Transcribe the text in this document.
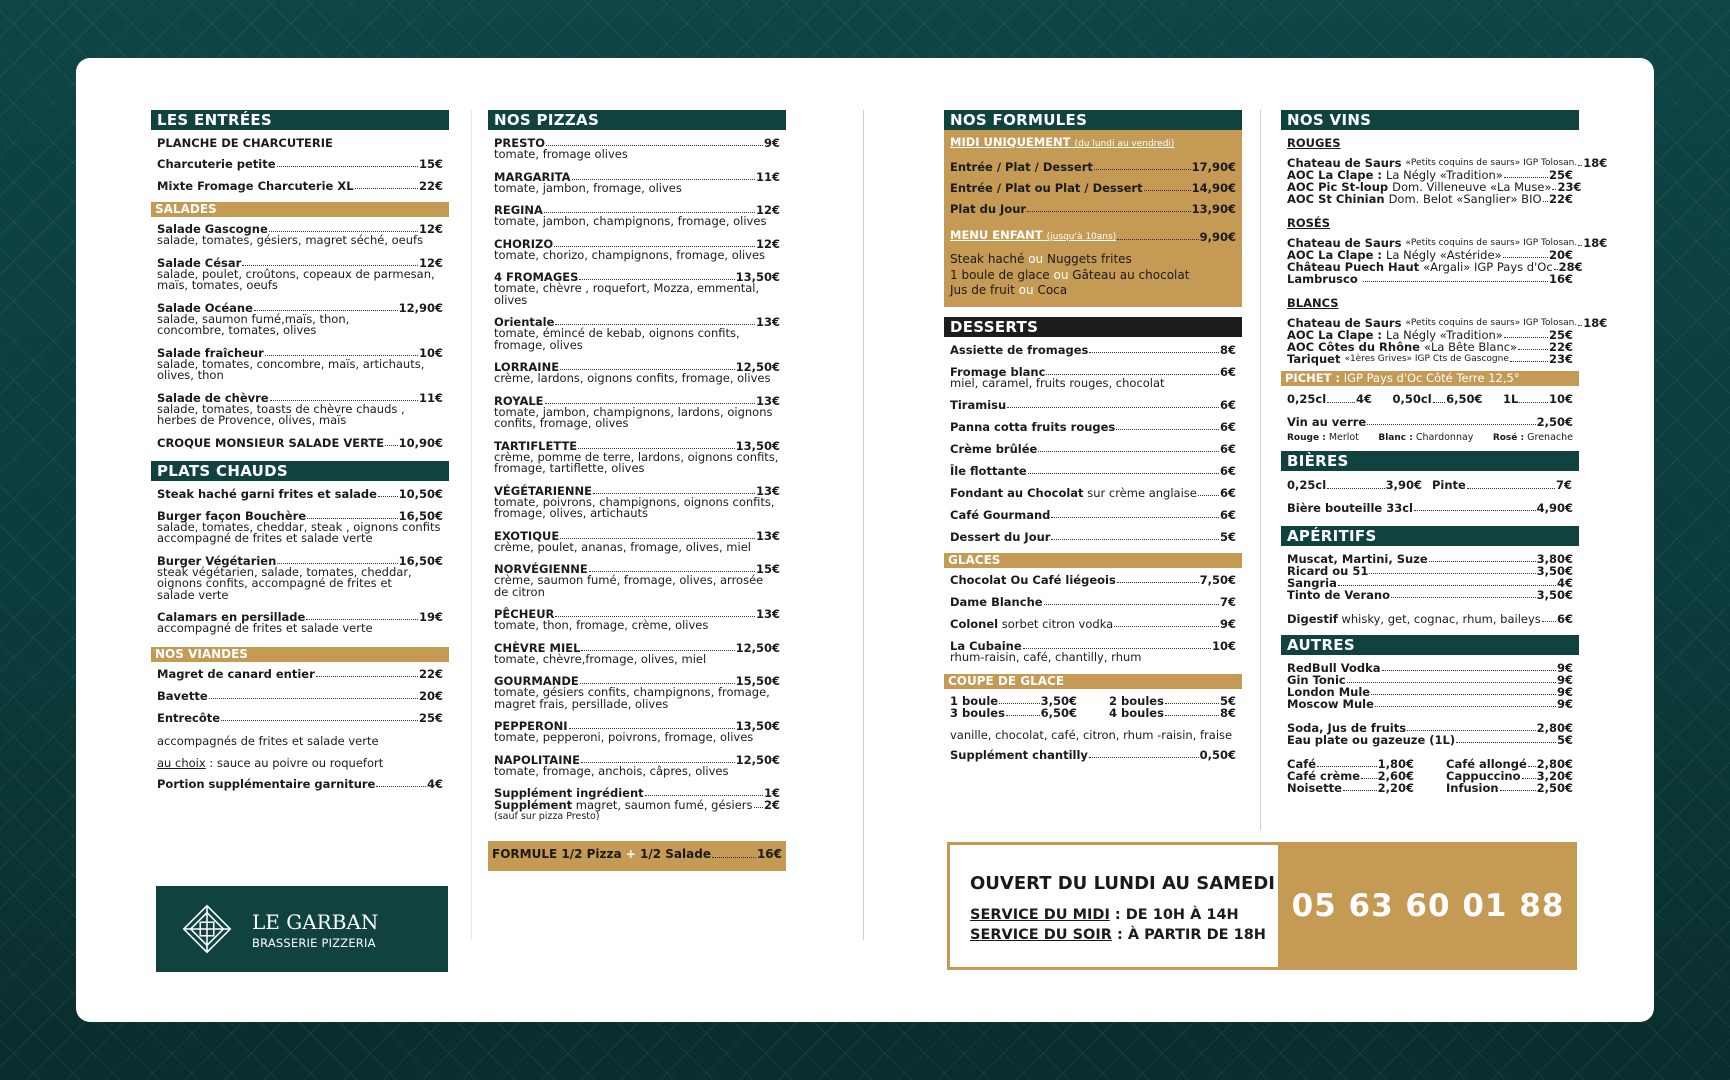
LES ENTRÉES
PLANCHE DE CHARCUTERIE
Charcuterie petite	15€
Mixte Fromage Charcuterie XL	22€
SALADES
Salade Gascogne	12€
salade, tomates, gésiers, magret séché, oeufs
Salade César	12€
salade, poulet, croûtons, copeaux de parmesan, maïs, tomates, oeufs
Salade Océane	12,90€
salade, saumon fumé,maïs, thon, concombre, tomates, olives
Salade fraîcheur	10€
salade, tomates, concombre, maïs, artichauts, olives, thon
Salade de chèvre	11€
salade, tomates, toasts de chèvre chauds , herbes de Provence, olives, maïs
CROQUE MONSIEUR SALADE VERTE 10,90€
PLATS CHAUDS
Steak haché garni frites et salade 10,50€
Burger façon Bouchère	16,50€
salade, tomates, cheddar, steak , oignons confits accompagné de frites et salade verte
Burger Végétarien	16,50€
steak végétarien, salade, tomates, cheddar, oignons confits, accompagné de frites et salade verte
Calamars en persillade	19€
accompagné de frites et salade verte
NOS VIANDES
Magret de canard entier	22€
Bavette	20€
Entrecôte	25€
accompagnés de frites et salade verte
au choix : sauce au poivre ou roquefort
Portion supplémentaire garniture	4€
LE GARBAN
BRASSERIE PIZZERIA
NOS PIZZAS
PRESTO	9€
tomate, fromage olives
MARGARITA	11€
tomate, jambon, fromage, olives
REGINA	12€
tomate, jambon, champignons, fromage, olives
CHORIZO	12€
tomate, chorizo, champignons, fromage, olives
4 FROMAGES	13,50€
tomate, chèvre , roquefort, Mozza, emmental, olives
Orientale	13€
tomate, émincé de kebab, oignons confits, fromage, olives
LORRAINE	12,50€
crème, lardons, oignons confits, fromage, olives
ROYALE	13€
tomate, jambon, champignons, lardons, oignons confits, fromage, olives
TARTIFLETTE	13,50€
crème, pomme de terre, lardons, oignons confits, fromage, tartiflette, olives
VÉGÉTARIENNE	13€
tomate, poivrons, champignons, oignons confits, fromage, olives, artichauts
EXOTIQUE	13€
crème, poulet, ananas, fromage, olives, miel
NORVÉGIENNE	15€
crème, saumon fumé, fromage, olives, arrosée de citron
PÊCHEUR	13€
tomate, thon, fromage, crème, olives
CHÈVRE MIEL	12,50€
tomate, chèvre,fromage, olives, miel
GOURMANDE	15,50€
tomate, gésiers confits, champignons, fromage, magret frais, persillade, olives
PEPPERONI	13,50€
tomate, pepperoni, poivrons, fromage, olives
NAPOLITAINE	12,50€
tomate, fromage, anchois, câpres, olives
Supplément ingrédient	1€
Supplément magret, saumon fumé, gésiers 2€
(sauf sur pizza Presto)
FORMULE 1/2 Pizza + 1/2 Salade	16€
NOS FORMULES
MIDI UNIQUEMENT (du lundi au vendredi)
Entrée / Plat / Dessert	17,90€
Entrée / Plat ou Plat / Dessert	14,90€
Plat du Jour	13,90€
MENU ENFANT (jusqu'à 10ans)	9,90€
Steak haché ou Nuggets frites
1 boule de glace ou Gâteau au chocolat
Jus de fruit ou Coca
DESSERTS
Assiette de fromages	8€
Fromage blanc	6€
miel, caramel, fruits rouges, chocolat
Tiramisu	6€
Panna cotta fruits rouges	6€
Crème brûlée	6€
Île flottante	6€
Fondant au Chocolat sur crème anglaise 6€
Café Gourmand	6€
Dessert du Jour	5€
GLACES
Chocolat Ou Café liégeois	7,50€
Dame Blanche	7€
Colonel sorbet citron vodka	9€
La Cubaine	10€
rhum-raisin, café, chantilly, rhum
COUPE DE GLACE
1 boule	3,50€
3 boules	6,50€
2 boules	5€
4 boules	8€
vanille, chocolat, café, citron, rhum -raisin, fraise
Supplément chantilly	0,50€
OUVERT DU LUNDI AU SAMEDI
SERVICE DU MIDI : DE 10H À 14H
SERVICE DU SOIR : À PARTIR DE 18H
05 63 60 01 88
NOS VINS
ROUGES
Chateau de Saurs «Petits coquins de saurs» IGP Tolosan. 18€
AOC La Clape : La Négly «Tradition»	25€
AOC Pic St-loup Dom. Villeneuve «La Muse» 23€
AOC St Chinian Dom. Belot «Sanglier» BIO 22€
ROSÉS
Chateau de Saurs «Petits coquins de saurs» IGP Tolosan. 18€
AOC La Clape : La Négly «Astéride»	20€
Château Puech Haut «Argali» IGP Pays d'Oc 28€
Lambrusco	16€
BLANCS
Chateau de Saurs «Petits coquins de saurs» IGP Tolosan. 18€
AOC La Clape : La Négly «Tradition»	25€
AOC Côtes du Rhône «La Bête Blanc»	22€
Tariquet «1ères Grives» IGP Cts de Gascogne	23€
PICHET : IGP Pays d'Oc Côté Terre 12,5°
0,25cl	4€ 0,50cl 6,50€ 1L	10€
Vin au verre	2,50€
Rouge : Merlot Blanc : Chardonnay Rosé : Grenache
BIÈRES
0,25cl	3,90€ Pinte	7€
Bière bouteille 33cl	4,90€
APÉRITIFS
Muscat, Martini, Suze	3,80€
Ricard ou 51	3,50€
Sangria	4€
Tinto de Verano	3,50€
Digestif whisky, get, cognac, rhum, baileys 6€
AUTRES
RedBull Vodka	9€
Gin Tonic	9€
London Mule	9€
Moscow Mule	9€
Soda, Jus de fruits	2,80€
Eau plate ou gazeuze (1L)	5€
Café	1,80€
Café crème 2,60€
Noisette	2,20€
Café allongé 2,80€
Cappuccino 3,20€
Infusion	2,50€
